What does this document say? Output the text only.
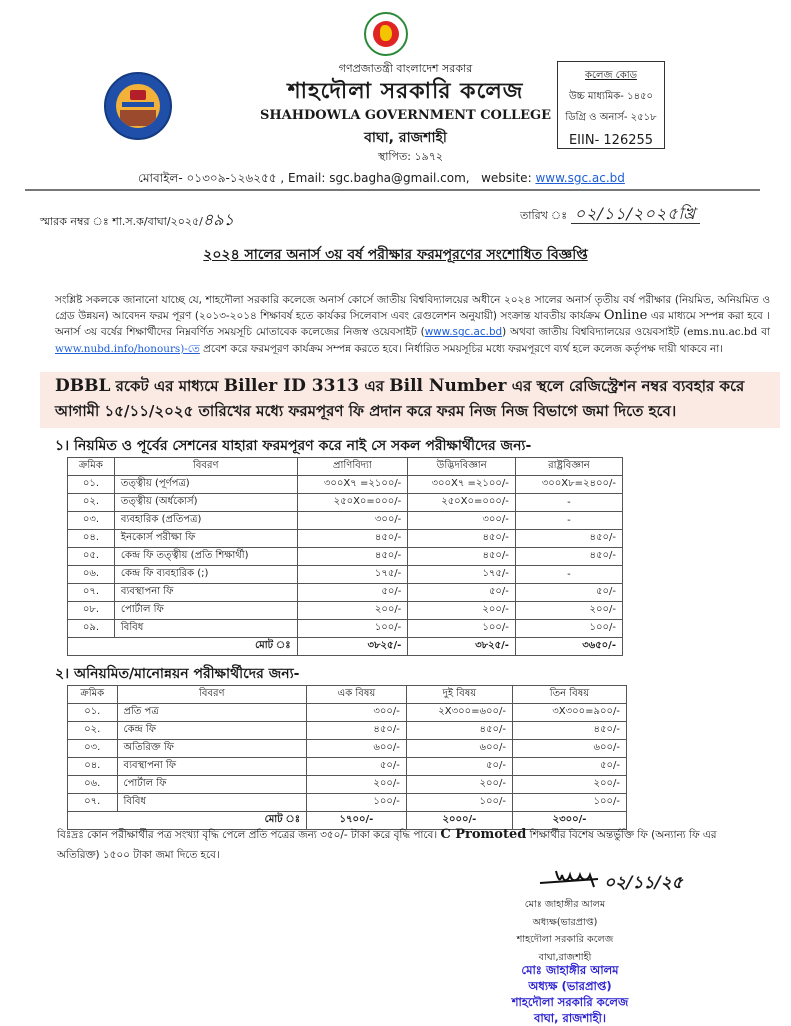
গণপ্রজাতন্ত্রী বাংলাদেশ সরকার
শাহদৌলা সরকারি কলেজ
SHAHDOWLA GOVERNMENT COLLEGE
বাঘা, রাজশাহী
স্থাপিত: ১৯৭২
কলেজ কোড
উচ্চ মাধ্যমিক- ১৪৫০
ডিগ্রি ও অনার্স- ২৫১৮
EIIN- 126255
মোবাইল- ০১৩০৯-১২৬২৫৫ , Email: sgc.bagha@gmail.com, website: www.sgc.ac.bd
স্মারক নম্বর ঃ শা.স.ক/বাঘা/২০২৫/৪৯১	তারিখ ঃ ০২/১১/২০২৫খ্রি
২০২৪ সালের অনার্স ৩য় বর্ষ পরীক্ষার ফরমপূরণের সংশোধিত বিজ্ঞপ্তি
সংশ্লিষ্ট সকলকে জানানো যাচ্ছে যে, শাহদৌলা সরকারি কলেজে অনার্স কোর্সে জাতীয় বিশ্ববিদ্যালয়ের অধীনে ২০২৪ সালের অনার্স তৃতীয় বর্ষ পরীক্ষার (নিয়মিত, অনিয়মিত ও গ্রেড উন্নয়ন) আবেদন ফরম পূরণ (২০১৩-২০১৪ শিক্ষাবর্ষ হতে কার্যকর সিলেবাস এবং রেগুলেশন অনুযায়ী) সংক্রান্ত যাবতীয় কার্যক্রম Online এর মাধ্যমে সম্পন্ন করা হবে । অনার্স ৩য় বর্ষের শিক্ষার্থীদের নিম্নবর্ণিত সময়সূচি মোতাবেক কলেজের নিজস্ব ওয়েবসাইট (www.sgc.ac.bd) অথবা জাতীয় বিশ্ববিদ্যালয়ের ওয়েবসাইট (ems.nu.ac.bd বা www.nubd.info/honours)-তে প্রবেশ করে ফরমপূরণ কার্যক্রম সম্পন্ন করতে হবে। নির্ধারিত সময়সূচির মধ্যে ফরমপূরণে ব্যর্থ হলে কলেজ কর্তৃপক্ষ দায়ী থাকবে না।
DBBL রকেট এর মাধ্যমে Biller ID 3313 এর Bill Number এর স্থলে রেজিস্ট্রেশন নম্বর ব্যবহার করে আগামী ১৫/১১/২০২৫ তারিখের মধ্যে ফরমপূরণ ফি প্রদান করে ফরম নিজ নিজ বিভাগে জমা দিতে হবে।
১। নিয়মিত ও পূর্বের সেশনের যাহারা ফরমপূরণ করে নাই সে সকল পরীক্ষার্থীদের জন্য-
ক্রমিক	বিবরণ	প্রাণিবিদ্যা	উদ্ভিদবিজ্ঞান	রাষ্ট্রবিজ্ঞান
০১.	তত্ত্বীয় (পূর্ণপত্র)	৩০০X৭ =২১০০/-	৩০০X৭ =২১০০/-	৩০০X৮=২৪০০/-
০২.	তত্ত্বীয় (অর্ধকোর্স)	২৫০X০=০০০/-	২৫০X০=০০০/-	-
০৩.	ব্যবহারিক (প্রতিপত্র)	৩০০/-	৩০০/-	-
০৪.	ইনকোর্স পরীক্ষা ফি	৪৫০/-	৪৫০/-	৪৫০/-
০৫.	কেন্দ্র ফি তত্ত্বীয় (প্রতি শিক্ষার্থী)	৪৫০/-	৪৫০/-	৪৫০/-
০৬.	কেন্দ্র ফি ব্যবহারিক (;)	১৭৫/-	১৭৫/-	-
০৭.	ব্যবস্থাপনা ফি	৫০/-	৫০/-	৫০/-
০৮.	পোর্টাল ফি	২০০/-	২০০/-	২০০/-
০৯.	বিবিধ	১০০/-	১০০/-	১০০/-
মোট ঃ		৩৮২৫/-	৩৮২৫/-	৩৬৫০/-
২। অনিয়মিত/মানোন্নয়ন পরীক্ষার্থীদের জন্য-
ক্রমিক	বিবরণ	এক বিষয়	দুই বিষয়	তিন বিষয়
০১.	প্রতি পত্র	৩০০/-	২X৩০০=৬০০/-	৩X৩০০=৯০০/-
০২.	কেন্দ্র ফি	৪৫০/-	৪৫০/-	৪৫০/-
০৩.	অতিরিক্ত ফি	৬০০/-	৬০০/-	৬০০/-
০৪.	ব্যবস্থাপনা ফি	৫০/-	৫০/-	৫০/-
০৬.	পোর্টাল ফি	২০০/-	২০০/-	২০০/-
০৭.	বিবিধ	১০০/-	১০০/-	১০০/-
মোট ঃ		১৭০০/-	২০০০/-	২৩০০/-
বিঃদ্রঃ কোন পরীক্ষার্থীর পত্র সংখ্যা বৃদ্ধি পেলে প্রতি পত্রের জন্য ৩৫০/- টাকা করে বৃদ্ধি পাবে। C Promoted শিক্ষার্থীর বিশেষ অন্তর্ভুক্তি ফি (অন্যান্য ফি এর অতিরিক্ত) ১৫০০ টাকা জমা দিতে হবে।
০২/১১/২৫
মোঃ জাহাঙ্গীর আলম
অধ্যক্ষ(ভারপ্রাপ্ত)
শাহদৌলা সরকারি কলেজ
বাঘা,রাজশাহী
মোঃ জাহাঙ্গীর আলম
অধ্যক্ষ (ভারপ্রাপ্ত)
শাহদৌলা সরকারি কলেজ
বাঘা, রাজশাহী।
